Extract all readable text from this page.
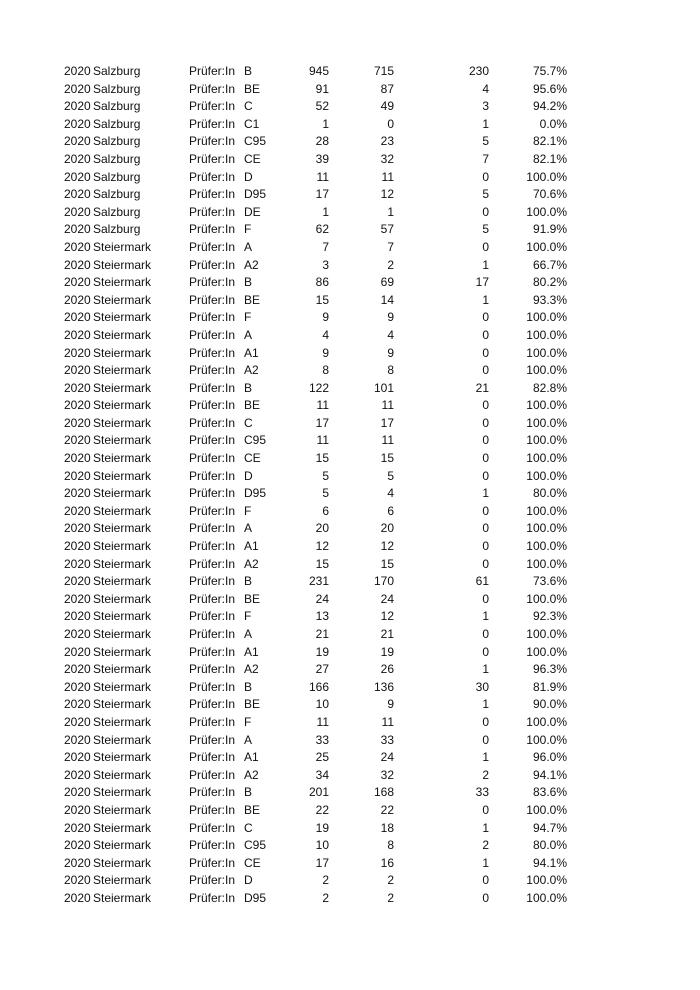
2020 Salzburg	Prüfer:In B	945	715	230	75.7%
2020 Salzburg	Prüfer:In BE	91	87	4	95.6%
2020 Salzburg	Prüfer:In C	52	49	3	94.2%
2020 Salzburg	Prüfer:In C1	1	0	1	0.0%
2020 Salzburg	Prüfer:In C95	28	23	5	82.1%
2020 Salzburg	Prüfer:In CE	39	32	7	82.1%
2020 Salzburg	Prüfer:In D	11	11	0	100.0%
2020 Salzburg	Prüfer:In D95	17	12	5	70.6%
2020 Salzburg	Prüfer:In DE	1	1	0	100.0%
2020 Salzburg	Prüfer:In F	62	57	5	91.9%
2020 Steiermark	Prüfer:In A	7	7	0	100.0%
2020 Steiermark	Prüfer:In A2	3	2	1	66.7%
2020 Steiermark	Prüfer:In B	86	69	17	80.2%
2020 Steiermark	Prüfer:In BE	15	14	1	93.3%
2020 Steiermark	Prüfer:In F	9	9	0	100.0%
2020 Steiermark	Prüfer:In A	4	4	0	100.0%
2020 Steiermark	Prüfer:In A1	9	9	0	100.0%
2020 Steiermark	Prüfer:In A2	8	8	0	100.0%
2020 Steiermark	Prüfer:In B	122	101	21	82.8%
2020 Steiermark	Prüfer:In BE	11	11	0	100.0%
2020 Steiermark	Prüfer:In C	17	17	0	100.0%
2020 Steiermark	Prüfer:In C95	11	11	0	100.0%
2020 Steiermark	Prüfer:In CE	15	15	0	100.0%
2020 Steiermark	Prüfer:In D	5	5	0	100.0%
2020 Steiermark	Prüfer:In D95	5	4	1	80.0%
2020 Steiermark	Prüfer:In F	6	6	0	100.0%
2020 Steiermark	Prüfer:In A	20	20	0	100.0%
2020 Steiermark	Prüfer:In A1	12	12	0	100.0%
2020 Steiermark	Prüfer:In A2	15	15	0	100.0%
2020 Steiermark	Prüfer:In B	231	170	61	73.6%
2020 Steiermark	Prüfer:In BE	24	24	0	100.0%
2020 Steiermark	Prüfer:In F	13	12	1	92.3%
2020 Steiermark	Prüfer:In A	21	21	0	100.0%
2020 Steiermark	Prüfer:In A1	19	19	0	100.0%
2020 Steiermark	Prüfer:In A2	27	26	1	96.3%
2020 Steiermark	Prüfer:In B	166	136	30	81.9%
2020 Steiermark	Prüfer:In BE	10	9	1	90.0%
2020 Steiermark	Prüfer:In F	11	11	0	100.0%
2020 Steiermark	Prüfer:In A	33	33	0	100.0%
2020 Steiermark	Prüfer:In A1	25	24	1	96.0%
2020 Steiermark	Prüfer:In A2	34	32	2	94.1%
2020 Steiermark	Prüfer:In B	201	168	33	83.6%
2020 Steiermark	Prüfer:In BE	22	22	0	100.0%
2020 Steiermark	Prüfer:In C	19	18	1	94.7%
2020 Steiermark	Prüfer:In C95	10	8	2	80.0%
2020 Steiermark	Prüfer:In CE	17	16	1	94.1%
2020 Steiermark	Prüfer:In D	2	2	0	100.0%
2020 Steiermark	Prüfer:In D95	2	2	0	100.0%
